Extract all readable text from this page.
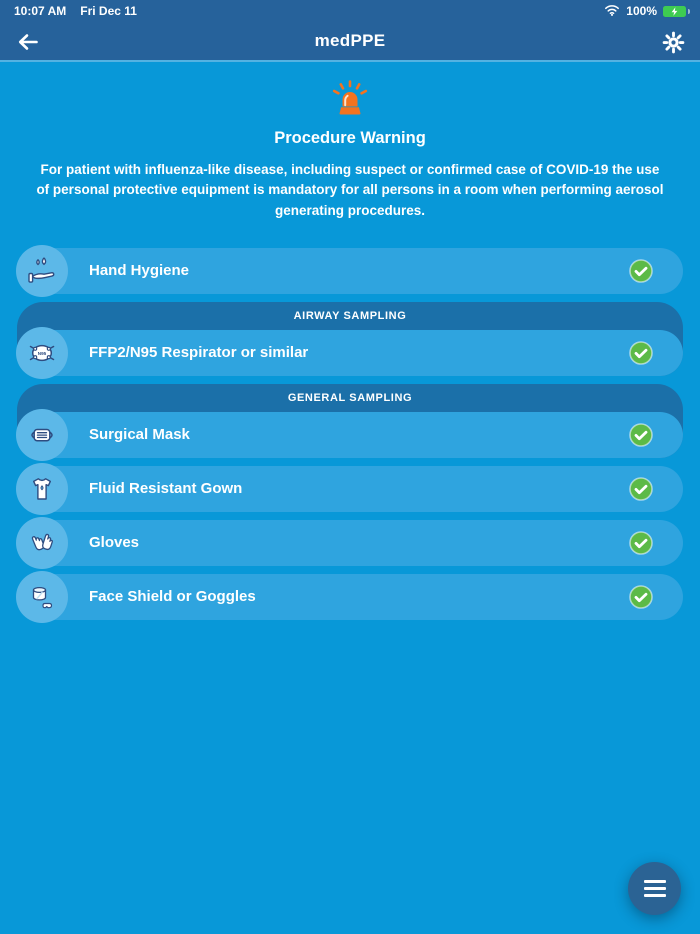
10:07 AM Fri Dec 11	100%
medPPE
Procedure Warning
For patient with influenza-like disease, including suspect or confirmed case of COVID-19 the use of personal protective equipment is mandatory for all persons in a room when performing aerosol generating procedures.
Hand Hygiene
AIRWAY SAMPLING
N95	FFP2/N95 Respirator or similar
GENERAL SAMPLING
Surgical Mask
Fluid Resistant Gown
Gloves
Face Shield or Goggles
